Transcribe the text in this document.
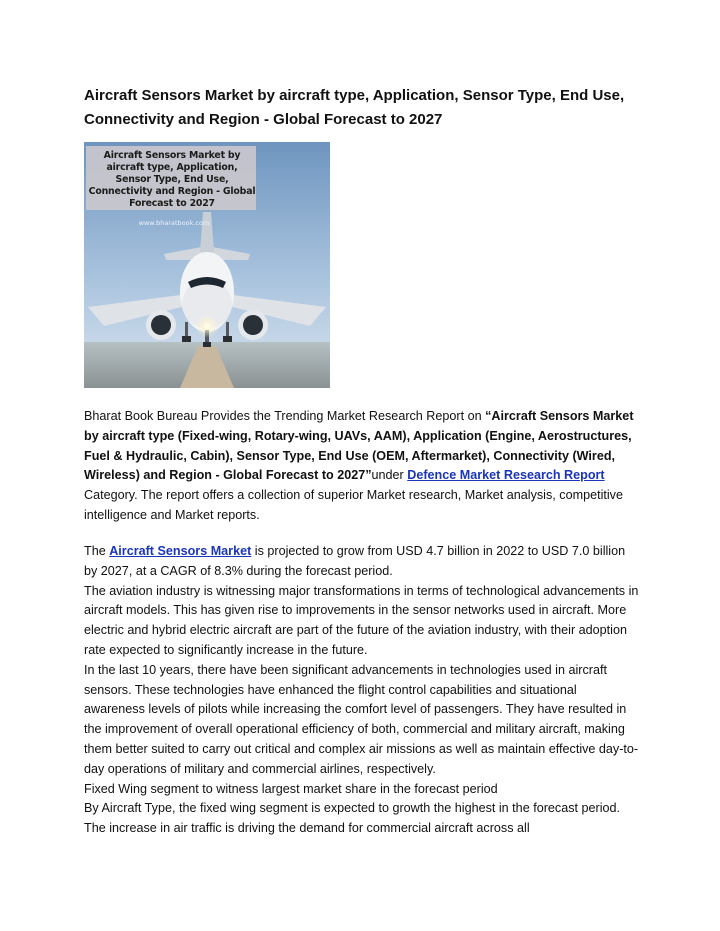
Aircraft Sensors Market by aircraft type, Application, Sensor Type, End Use, Connectivity and Region - Global Forecast to 2027
Aircraft Sensors Market by aircraft type, Application, Sensor Type, End Use, Connectivity and Region - Global Forecast to 2027
www.bharatbook.com
Bharat Book Bureau Provides the Trending Market Research Report on “Aircraft Sensors Market by aircraft type (Fixed-wing, Rotary-wing, UAVs, AAM), Application (Engine, Aerostructures, Fuel & Hydraulic, Cabin), Sensor Type, End Use (OEM, Aftermarket), Connectivity (Wired, Wireless) and Region - Global Forecast to 2027”under Defence Market Research Report Category. The report offers a collection of superior Market research, Market analysis, competitive intelligence and Market reports.
The Aircraft Sensors Market is projected to grow from USD 4.7 billion in 2022 to USD 7.0 billion by 2027, at a CAGR of 8.3% during the forecast period.
The aviation industry is witnessing major transformations in terms of technological advancements in aircraft models. This has given rise to improvements in the sensor networks used in aircraft. More electric and hybrid electric aircraft are part of the future of the aviation industry, with their adoption rate expected to significantly increase in the future.
In the last 10 years, there have been significant advancements in technologies used in aircraft sensors. These technologies have enhanced the flight control capabilities and situational awareness levels of pilots while increasing the comfort level of passengers. They have resulted in the improvement of overall operational efficiency of both, commercial and military aircraft, making them better suited to carry out critical and complex air missions as well as maintain effective day-to-day operations of military and commercial airlines, respectively.
Fixed Wing segment to witness largest market share in the forecast period
By Aircraft Type, the fixed wing segment is expected to growth the highest in the forecast period. The increase in air traffic is driving the demand for commercial aircraft across all
